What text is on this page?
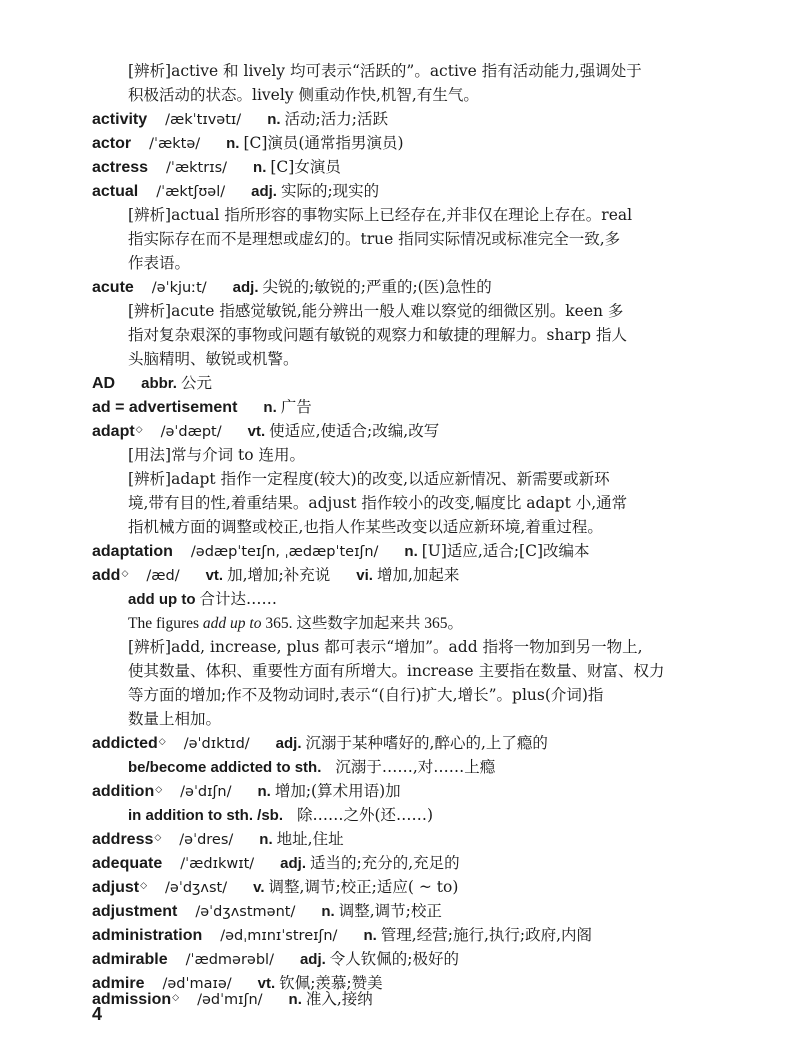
[辨析]active 和 lively 均可表示“活跃的”。active 指有活动能力,强调处于
积极活动的状态。lively 侧重动作快,机智,有生气。
activity /ækˈtɪvətɪ/ n. 活动;活力;活跃
actor /ˈæktə/ n. [C]演员(通常指男演员)
actress /ˈæktrɪs/ n. [C]女演员
actual /ˈæktʃʊəl/ adj. 实际的;现实的
[辨析]actual 指所形容的事物实际上已经存在,并非仅在理论上存在。real
指实际存在而不是理想或虚幻的。true 指同实际情况或标准完全一致,多
作表语。
acute /əˈkjuːt/ adj. 尖锐的;敏锐的;严重的;(医)急性的
[辨析]acute 指感觉敏锐,能分辨出一般人难以察觉的细微区别。keen 多
指对复杂艰深的事物或问题有敏锐的观察力和敏捷的理解力。sharp 指人
头脑精明、敏锐或机警。
AD abbr. 公元
ad = advertisement n. 广告
adapt◇ /əˈdæpt/ vt. 使适应,使适合;改编,改写
[用法]常与介词 to 连用。
[辨析]adapt 指作一定程度(较大)的改变,以适应新情况、新需要或新环
境,带有目的性,着重结果。adjust 指作较小的改变,幅度比 adapt 小,通常
指机械方面的调整或校正,也指人作某些改变以适应新环境,着重过程。
adaptation /ədæpˈteɪʃn, ˌædæpˈteɪʃn/ n. [U]适应,适合;[C]改编本
add◇ /æd/ vt. 加,增加;补充说 vi. 增加,加起来
add up to 合计达……
The figures add up to 365. 这些数字加起来共 365。
[辨析]add, increase, plus 都可表示“增加”。add 指将一物加到另一物上,
使其数量、体积、重要性方面有所增大。increase 主要指在数量、财富、权力
等方面的增加;作不及物动词时,表示“(自行)扩大,增长”。plus(介词)指
数量上相加。
addicted◇ /əˈdɪktɪd/ adj. 沉溺于某种嗜好的,醉心的,上了瘾的
be/become addicted to sth. 沉溺于……,对……上瘾
addition◇ /əˈdɪʃn/ n. 增加;(算术用语)加
in addition to sth. /sb. 除……之外(还……)
address◇ /əˈdres/ n. 地址,住址
adequate /ˈædɪkwɪt/ adj. 适当的;充分的,充足的
adjust◇ /əˈdʒʌst/ v. 调整,调节;校正;适应( ~ to)
adjustment /əˈdʒʌstmənt/ n. 调整,调节;校正
administration /ədˌmɪnɪˈstreɪʃn/ n. 管理,经营;施行,执行;政府,内阁
admirable /ˈædmərəbl/ adj. 令人钦佩的;极好的
admire /ədˈmaɪə/ vt. 钦佩;羡慕;赞美
admission◇ /ədˈmɪʃn/ n. 准入,接纳
4
